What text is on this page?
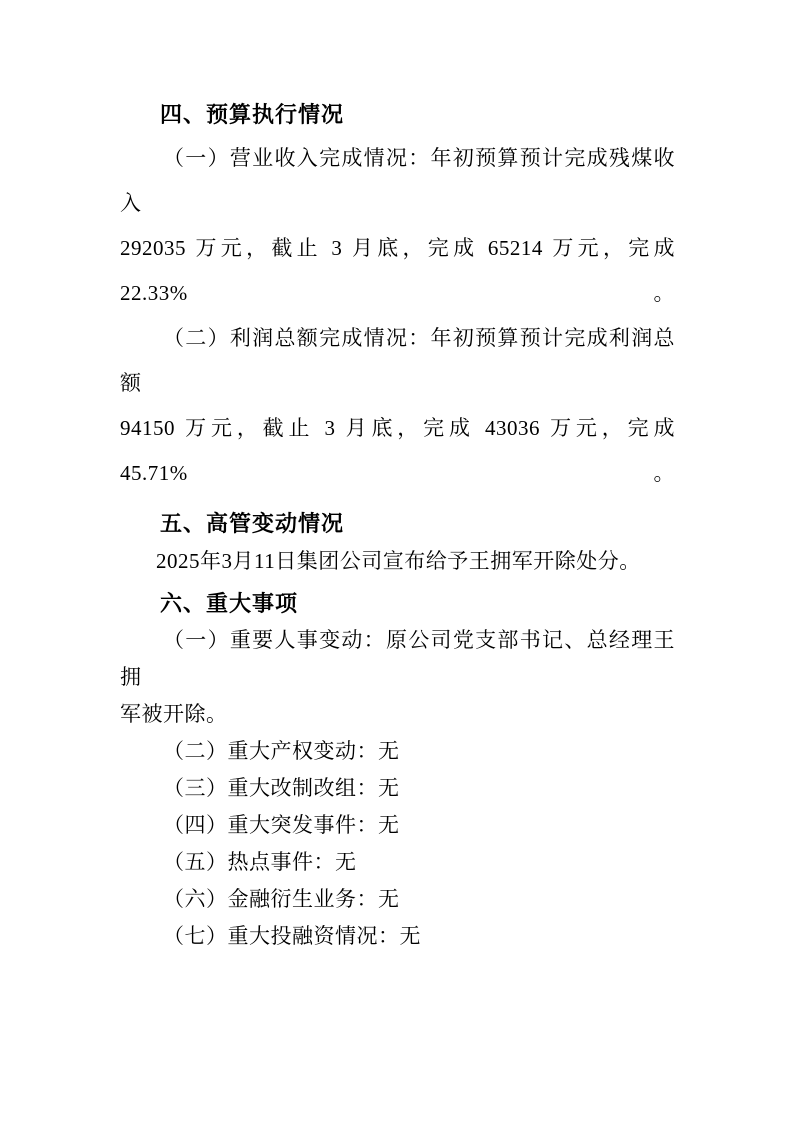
四、预算执行情况
（一）营业收入完成情况：年初预算预计完成残煤收入
292035 万元，截止 3 月底，完成 65214 万元，完成 22.33%。
（二）利润总额完成情况：年初预算预计完成利润总额
94150 万元，截止 3 月底，完成 43036 万元，完成 45.71%。
五、高管变动情况
2025年3月11日集团公司宣布给予王拥军开除处分。
六、重大事项
（一）重要人事变动：原公司党支部书记、总经理王拥
军被开除。
（二）重大产权变动：无
（三）重大改制改组：无
（四）重大突发事件：无
（五）热点事件：无
（六）金融衍生业务：无
（七）重大投融资情况：无
